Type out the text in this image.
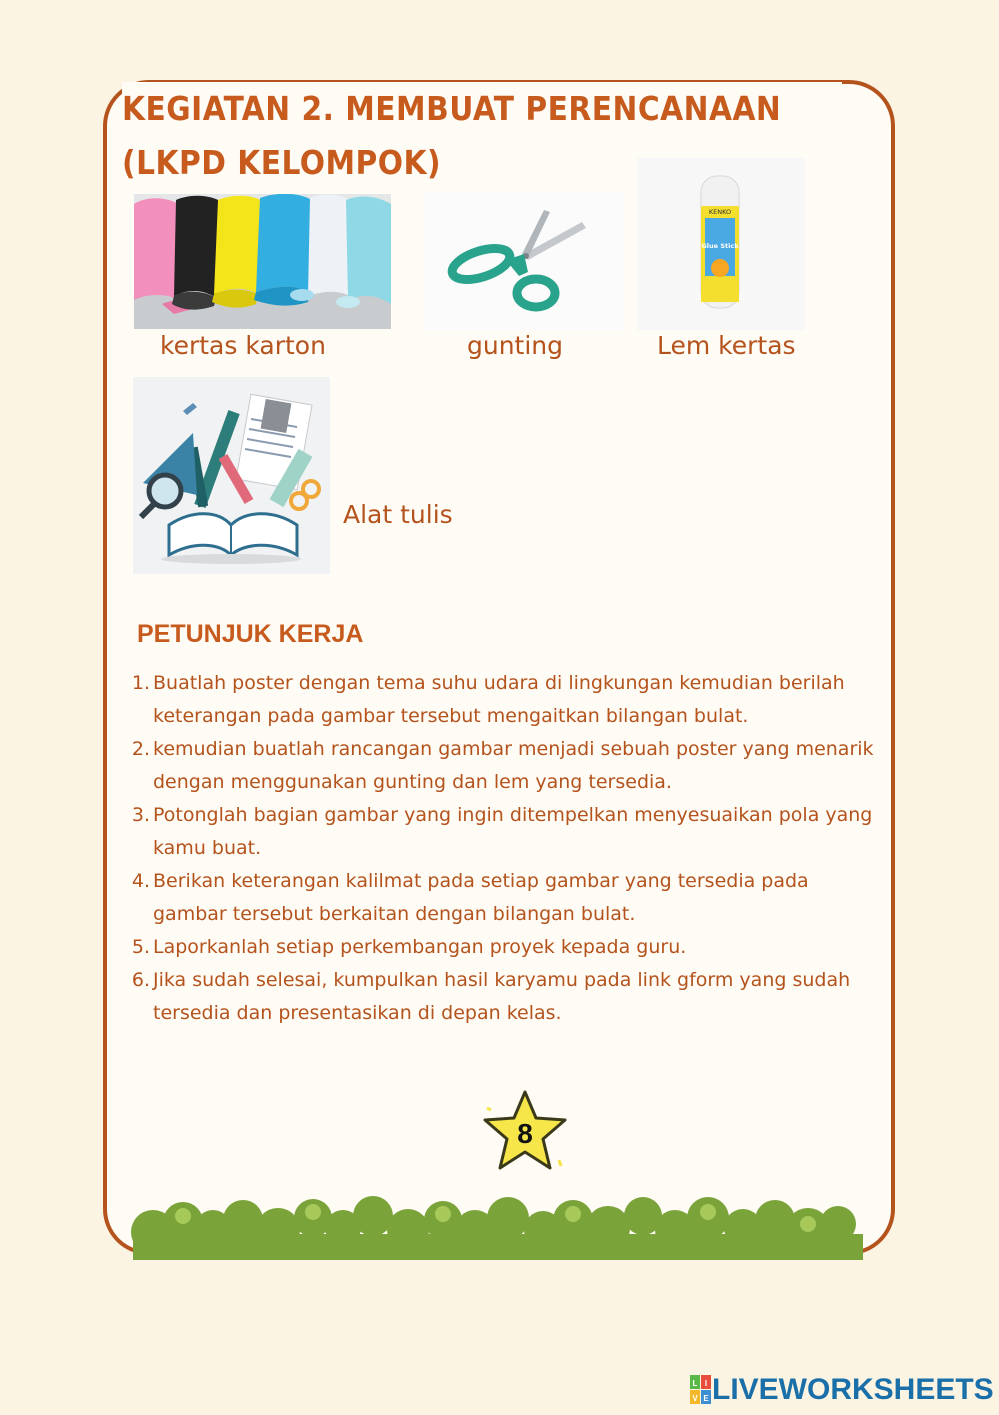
KEGIATAN 2. MEMBUAT PERENCANAAN (LKPD KELOMPOK)
KENKO
Glue Stick
kertas karton	gunting	Lem kertas
Alat tulis
PETUNJUK KERJA
1. Buatlah poster dengan tema suhu udara di lingkungan kemudian berilah keterangan pada gambar tersebut mengaitkan bilangan bulat.
2. kemudian buatlah rancangan gambar menjadi sebuah poster yang menarik dengan menggunakan gunting dan lem yang tersedia.
3. Potonglah bagian gambar yang ingin ditempelkan menyesuaikan pola yang kamu buat.
4. Berikan keterangan kalilmat pada setiap gambar yang tersedia pada gambar tersebut berkaitan dengan bilangan bulat.
5. Laporkanlah setiap perkembangan proyek kepada guru.
6. Jika sudah selesai, kumpulkan hasil karyamu pada link gform yang sudah tersedia dan presentasikan di depan kelas.
8
L I
V E LIVEWORKSHEETS
